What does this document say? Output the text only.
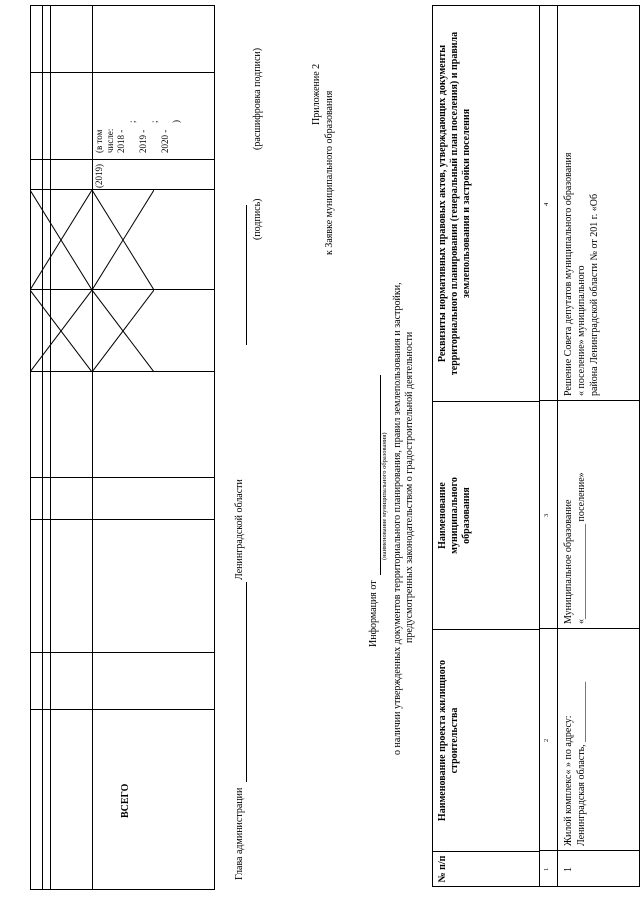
ВСЕГО
(2019)
(в том числе: 2018 -
;
2019 -
;
2020 -
)
Глава администрации
Ленинградской области
(подпись)
(расшифровка подписи)	Приложение 2 к Заявке муниципального образования
Информация от
(наименование муниципального образования) о наличии утвержденных документов территориального планирования, правил землепользования и застройки, предусмотренных законодательством о градостроительной деятельности
№ п/п
Наименование проекта жилищного строительства
Наименование муниципального образования
Реквизиты нормативных правовых актов, утверждающих документы территориального планирования (генеральный план поселения) и правила землепользования и застройки поселения
1
2
3
4
1
Жилой комплекс« » по адресу: Ленинградская область, ____________
Муниципальное образование «___________________ поселение»
Решение Совета депутатов муниципального образования « поселение» муниципального района Ленинградской области № от 201 г. «Об
